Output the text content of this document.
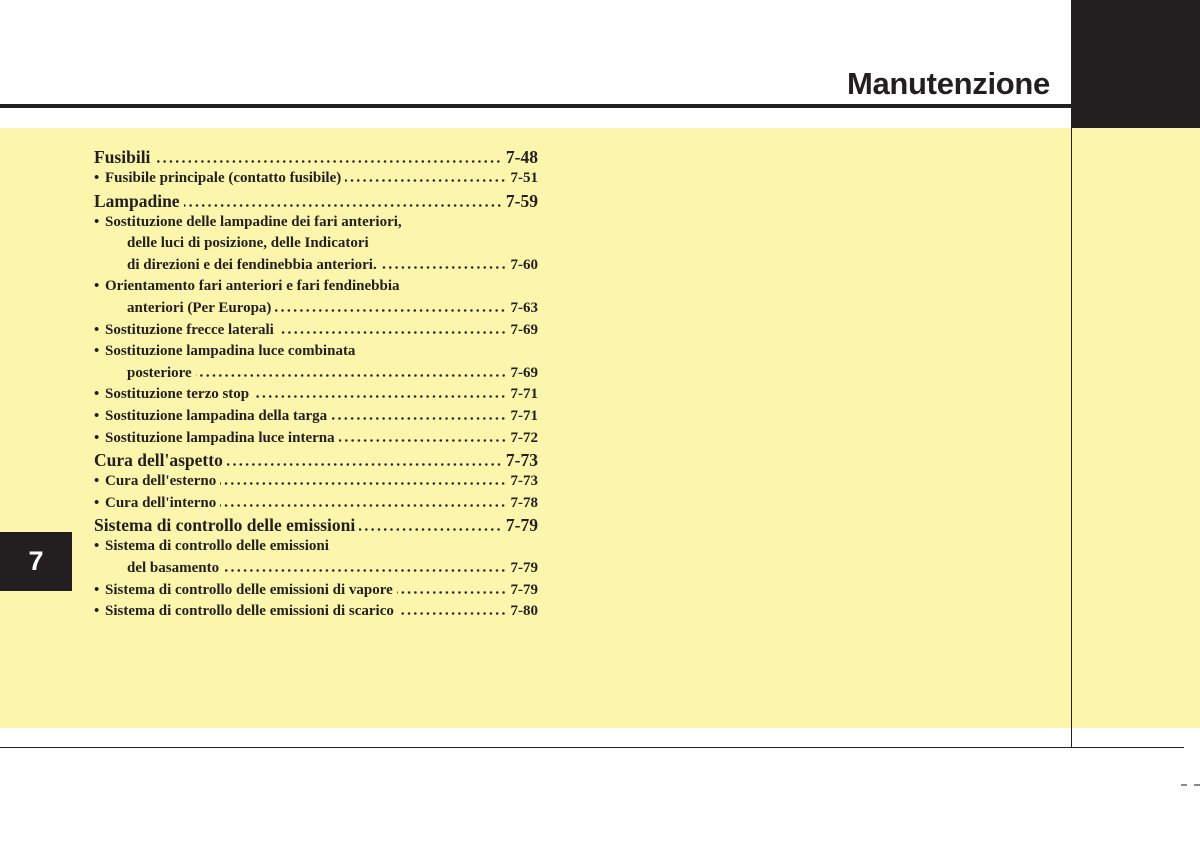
Manutenzione
7
Fusibili	7-48
• Fusibile principale (contatto fusibile)	7-51
Lampadine	7-59
• Sostituzione delle lampadine dei fari anteriori,
delle luci di posizione, delle Indicatori
di direzioni e dei fendinebbia anteriori.	7-60
• Orientamento fari anteriori e fari fendinebbia
anteriori (Per Europa)	7-63
• Sostituzione frecce laterali	7-69
• Sostituzione lampadina luce combinata
posteriore	7-69
• Sostituzione terzo stop	7-71
• Sostituzione lampadina della targa	7-71
• Sostituzione lampadina luce interna	7-72
Cura dell'aspetto	7-73
• Cura dell'esterno	7-73
• Cura dell'interno	7-78
Sistema di controllo delle emissioni	7-79
• Sistema di controllo delle emissioni
del basamento	7-79
• Sistema di controllo delle emissioni di vapore	7-79
• Sistema di controllo delle emissioni di scarico	7-80
